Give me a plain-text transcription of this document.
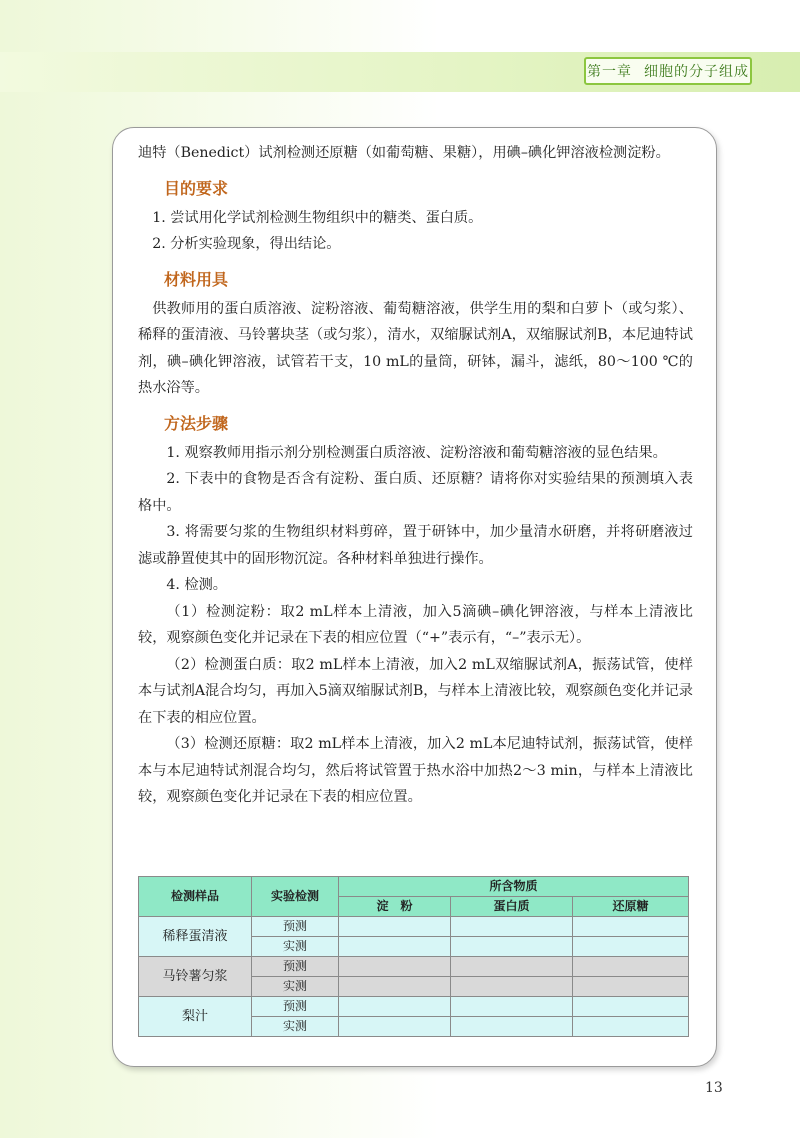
第一章 细胞的分子组成

迪特（Benedict）试剂检测还原糖（如葡萄糖、果糖），用碘–碘化钾溶液检测淀粉。

目的要求

1. 尝试用化学试剂检测生物组织中的糖类、蛋白质。

2. 分析实验现象，得出结论。

材料用具

供教师用的蛋白质溶液、淀粉溶液、葡萄糖溶液，供学生用的梨和白萝卜（或匀浆）、稀释的蛋清液、马铃薯块茎（或匀浆），清水，双缩脲试剂A，双缩脲试剂B，本尼迪特试剂，碘–碘化钾溶液，试管若干支，10 mL的量筒，研钵，漏斗，滤纸，80～100 ℃的热水浴等。

方法步骤

1. 观察教师用指示剂分别检测蛋白质溶液、淀粉溶液和葡萄糖溶液的显色结果。

2. 下表中的食物是否含有淀粉、蛋白质、还原糖？请将你对实验结果的预测填入表格中。

3. 将需要匀浆的生物组织材料剪碎，置于研钵中，加少量清水研磨，并将研磨液过滤或静置使其中的固形物沉淀。各种材料单独进行操作。

4. 检测。

（1）检测淀粉：取2 mL样本上清液，加入5滴碘–碘化钾溶液，与样本上清液比较，观察颜色变化并记录在下表的相应位置（“+”表示有，“–”表示无）。

（2）检测蛋白质：取2 mL样本上清液，加入2 mL双缩脲试剂A，振荡试管，使样本与试剂A混合均匀，再加入5滴双缩脲试剂B，与样本上清液比较，观察颜色变化并记录在下表的相应位置。

（3）检测还原糖：取2 mL样本上清液，加入2 mL本尼迪特试剂，振荡试管，使样本与本尼迪特试剂混合均匀，然后将试管置于热水浴中加热2～3 min，与样本上清液比较，观察颜色变化并记录在下表的相应位置。

检测样品	实验检测	所含物质		
		淀　粉	蛋白质	还原糖
稀释蛋清液	预测			
	实测			
马铃薯匀浆	预测			
	实测			
梨汁	预测			
	实测			
13
